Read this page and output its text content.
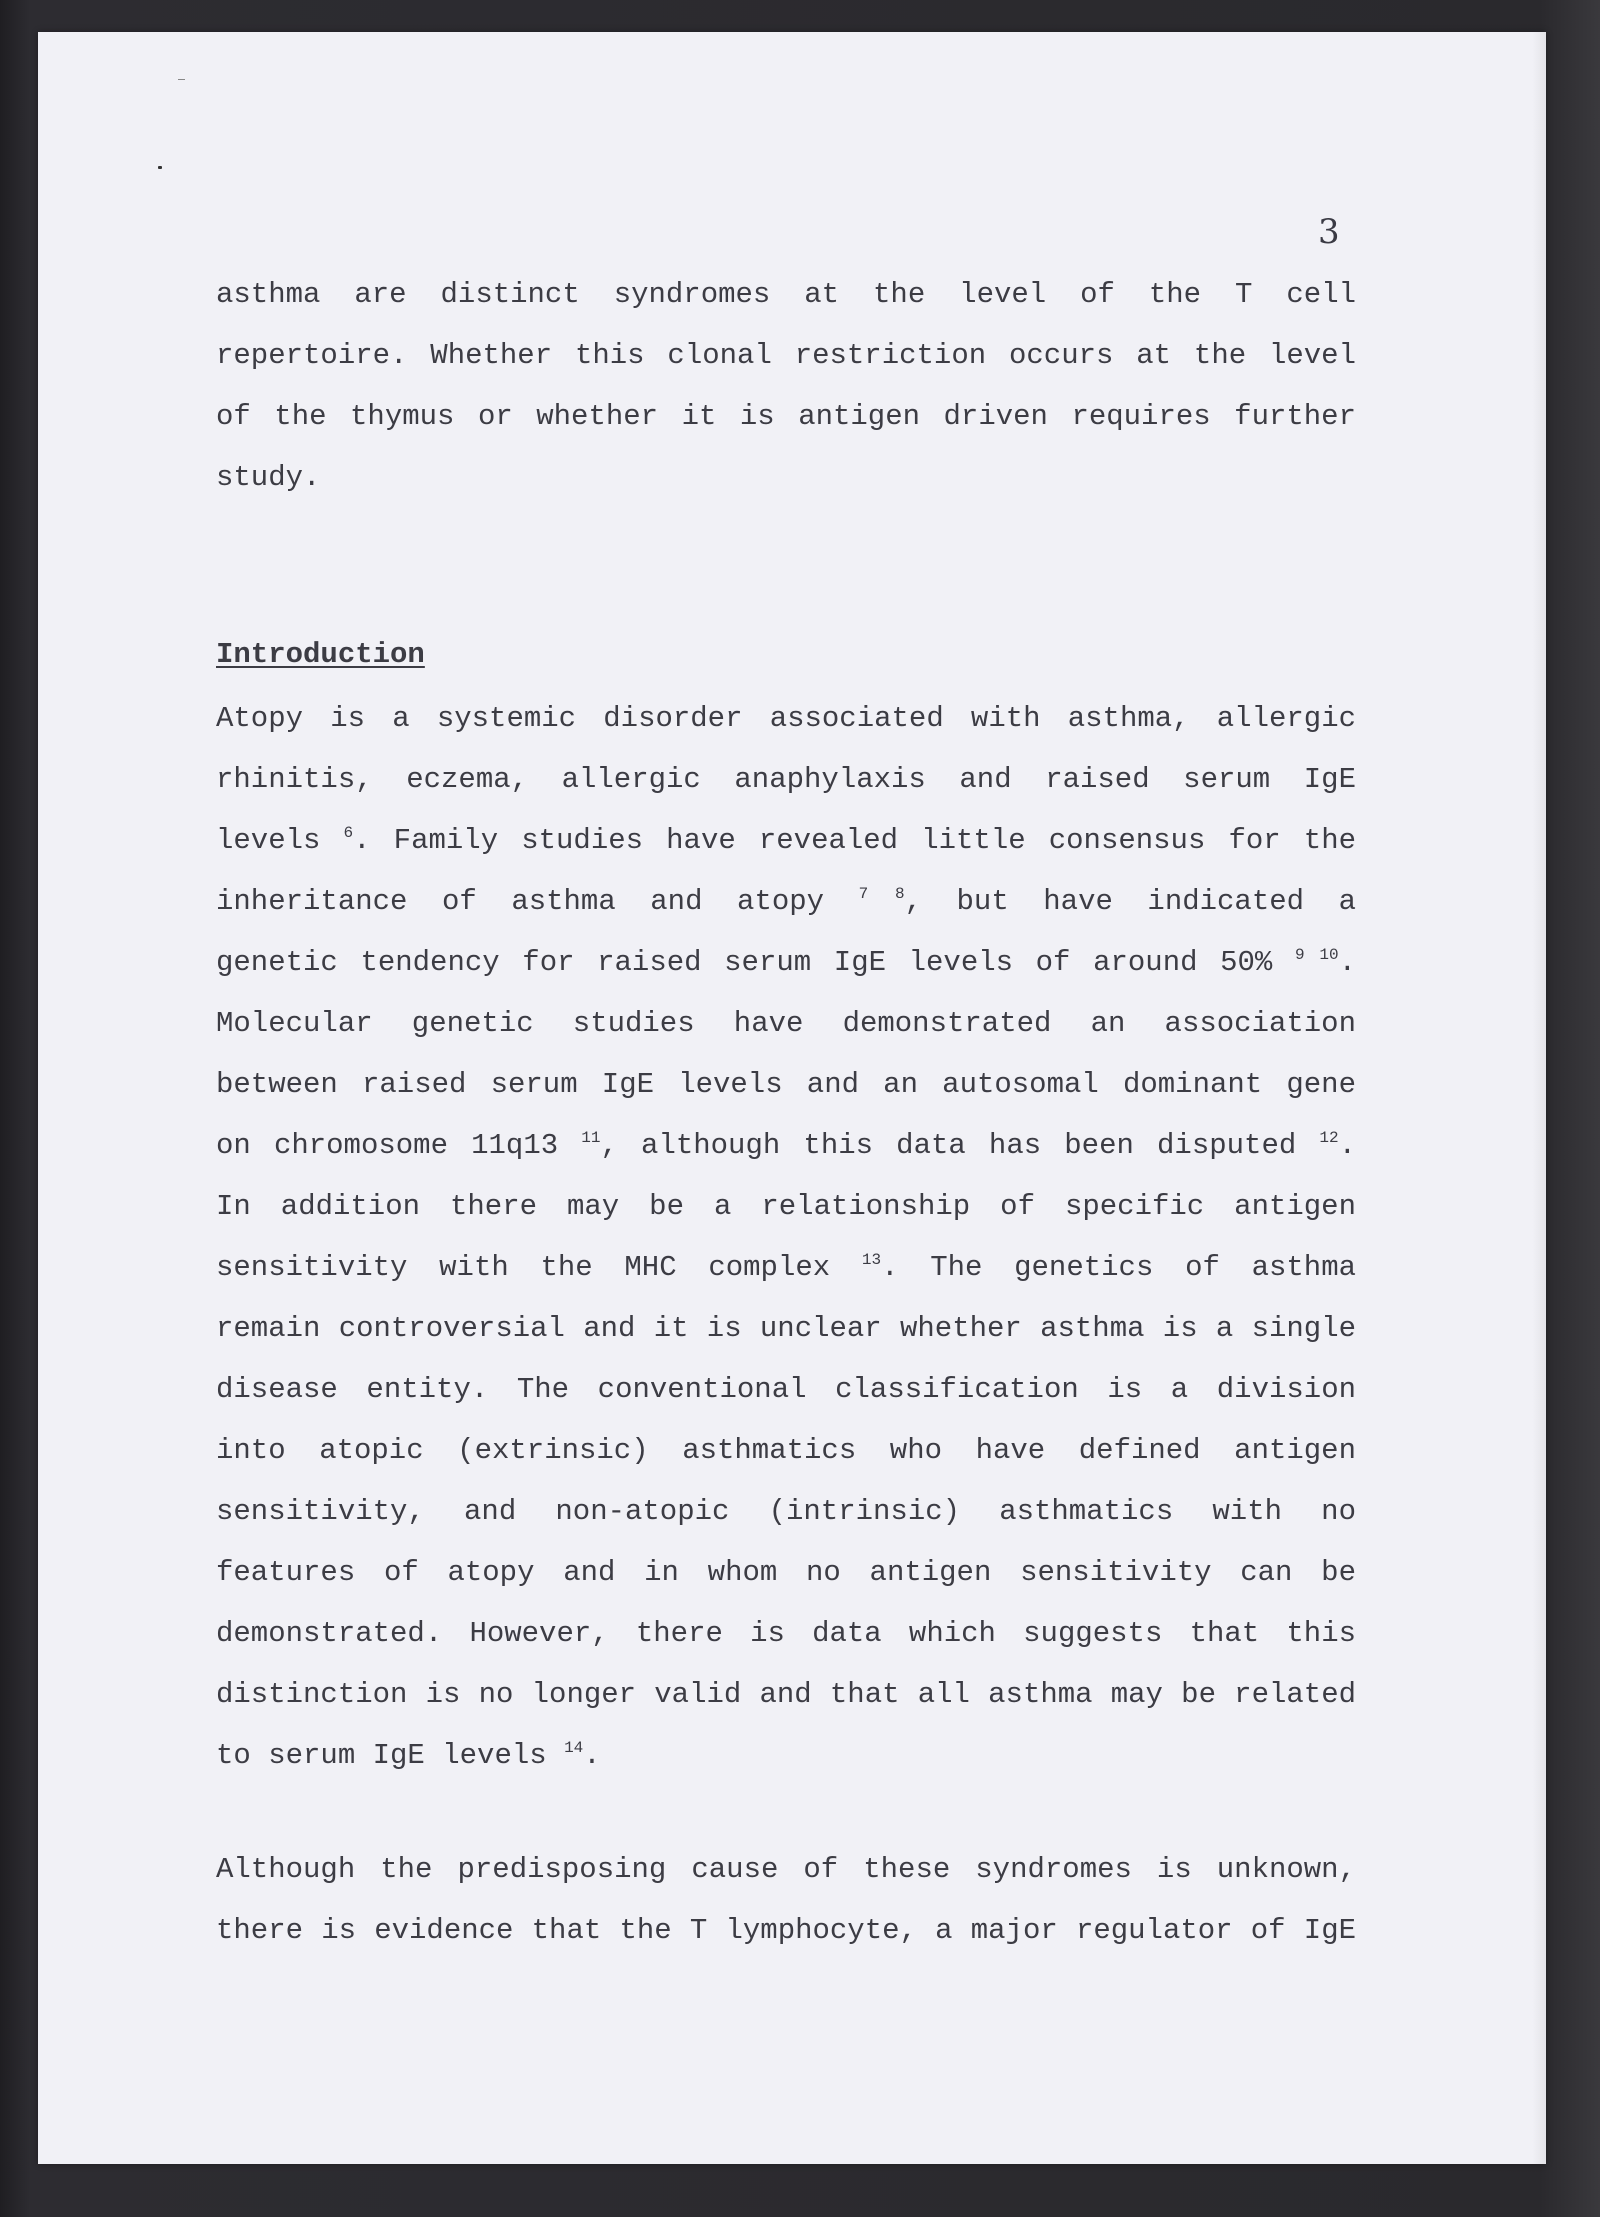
3
asthma are distinct syndromes at the level of the T cell
repertoire. Whether this clonal restriction occurs at the level
of the thymus or whether it is antigen driven requires further
study.
Introduction
Atopy is a systemic disorder associated with asthma, allergic
rhinitis, eczema, allergic anaphylaxis and raised serum IgE
levels $^6$. Family studies have revealed little consensus for the
inheritance of asthma and atopy $^{7 8}$, but have indicated a
genetic tendency for raised serum IgE levels of around 50% $^{9 10}$.
Molecular genetic studies have demonstrated an association
between raised serum IgE levels and an autosomal dominant gene
on chromosome 11q13 $^{11}$, although this data has been disputed $^{12}$.
In addition there may be a relationship of specific antigen
sensitivity with the MHC complex $^{13}$. The genetics of asthma
remain controversial and it is unclear whether asthma is a single
disease entity. The conventional classification is a division
into atopic (extrinsic) asthmatics who have defined antigen
sensitivity, and non-atopic (intrinsic) asthmatics with no
features of atopy and in whom no antigen sensitivity can be
demonstrated. However, there is data which suggests that this
distinction is no longer valid and that all asthma may be related
to serum IgE levels $^{14}$.
Although the predisposing cause of these syndromes is unknown,
there is evidence that the T lymphocyte, a major regulator of IgE
